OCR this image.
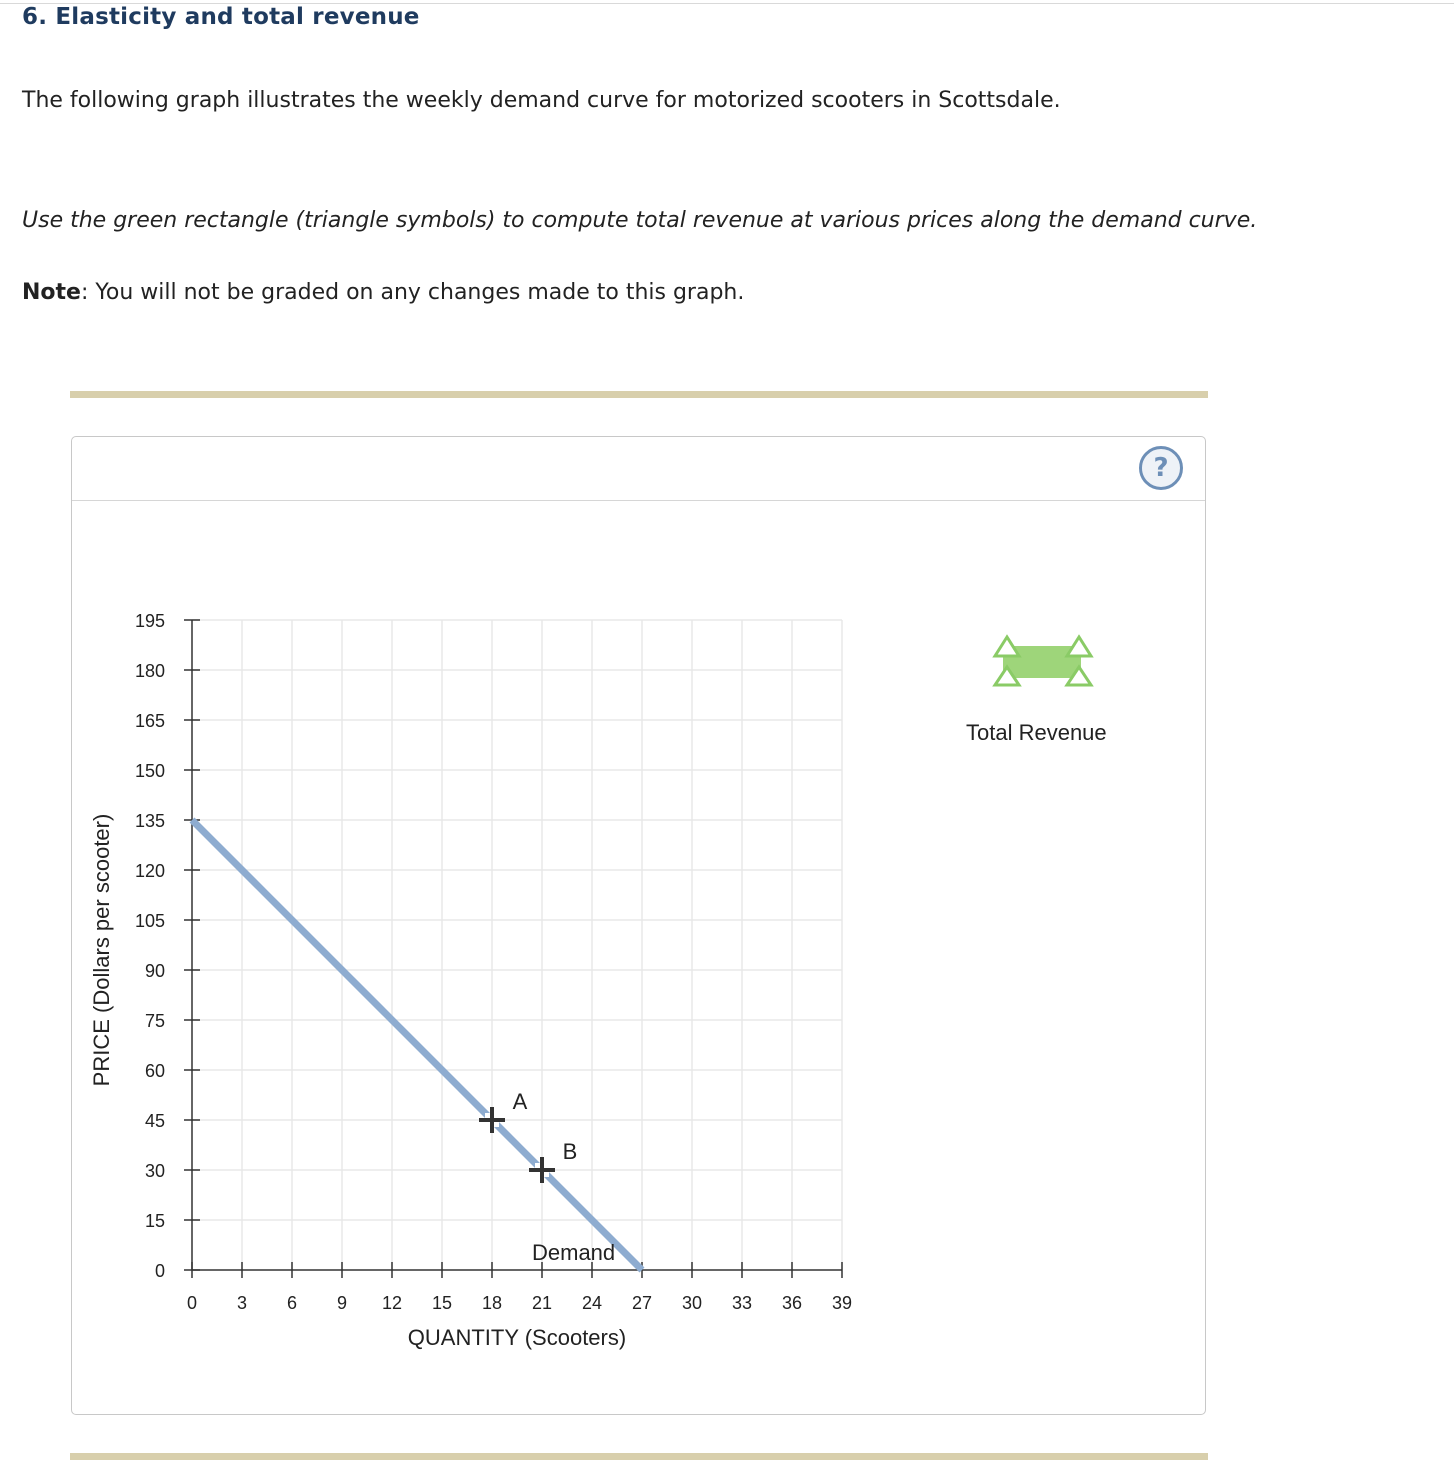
6. Elasticity and total revenue

The following graph illustrates the weekly demand curve for motorized scooters in Scottsdale.

Use the green rectangle (triangle symbols) to compute total revenue at various prices along the demand curve.

Note: You will not be graded on any changes made to this graph.

?
0
15
30
45
60
75
90
105
120
135
150
165
180
195
0 3 6 9 12 15 18 21 24 27 30 33 36 39
QUANTITY (Scooters)
PRICE (Dollars per scooter)
Demand
A
B

Total Revenue
